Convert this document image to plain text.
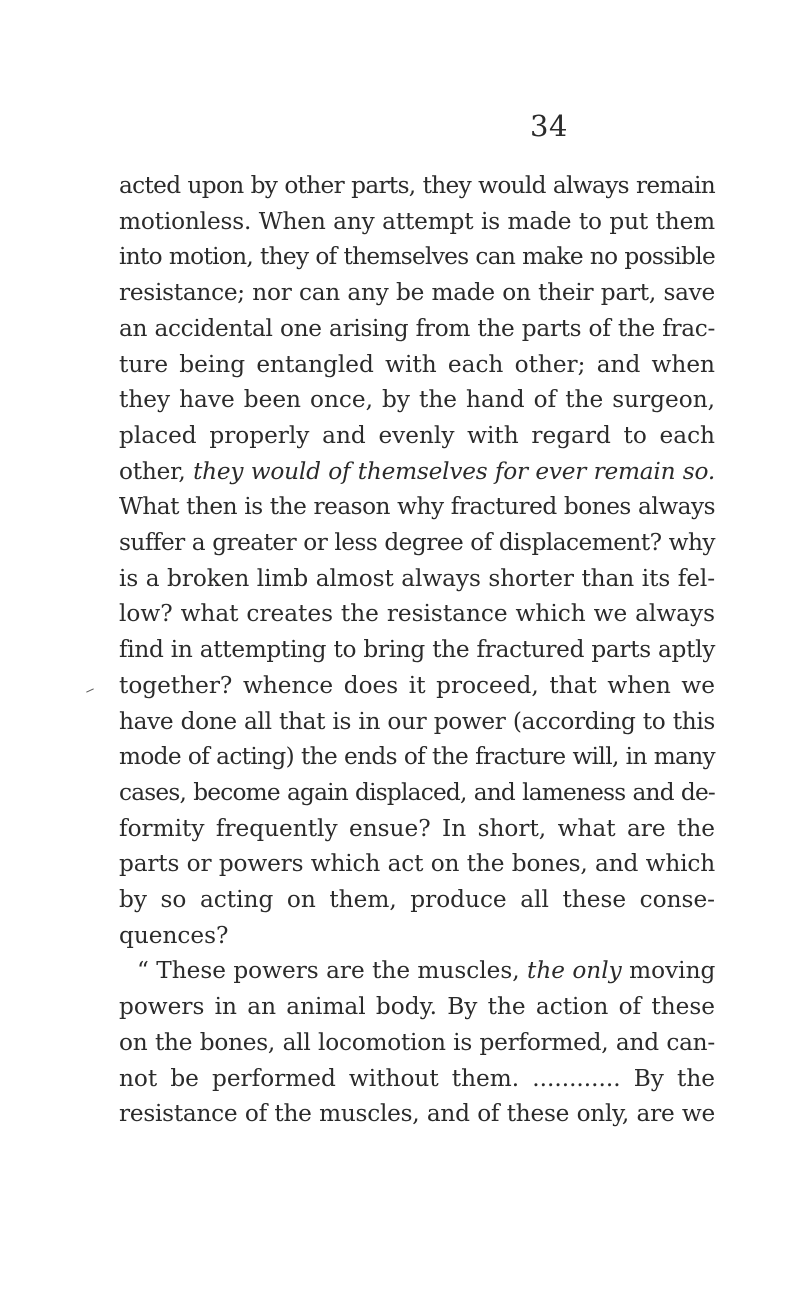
34
acted upon by other parts, they would always remain
motionless. When any attempt is made to put them
into motion, they of themselves can make no possible
resistance; nor can any be made on their part, save
an accidental one arising from the parts of the frac-
ture being entangled with each other; and when
they have been once, by the hand of the surgeon,
placed properly and evenly with regard to each
other, they would of themselves for ever remain so.
What then is the reason why fractured bones always
suffer a greater or less degree of displacement? why
is a broken limb almost always shorter than its fel-
low? what creates the resistance which we always
find in attempting to bring the fractured parts aptly
together? whence does it proceed, that when we
have done all that is in our power (according to this
mode of acting) the ends of the fracture will, in many
cases, become again displaced, and lameness and de-
formity frequently ensue? In short, what are the
parts or powers which act on the bones, and which
by so acting on them, produce all these conse-
quences?
“ These powers are the muscles, the only moving
powers in an animal body. By the action of these
on the bones, all locomotion is performed, and can-
not be performed without them. ............ By the
resistance of the muscles, and of these only, are we
